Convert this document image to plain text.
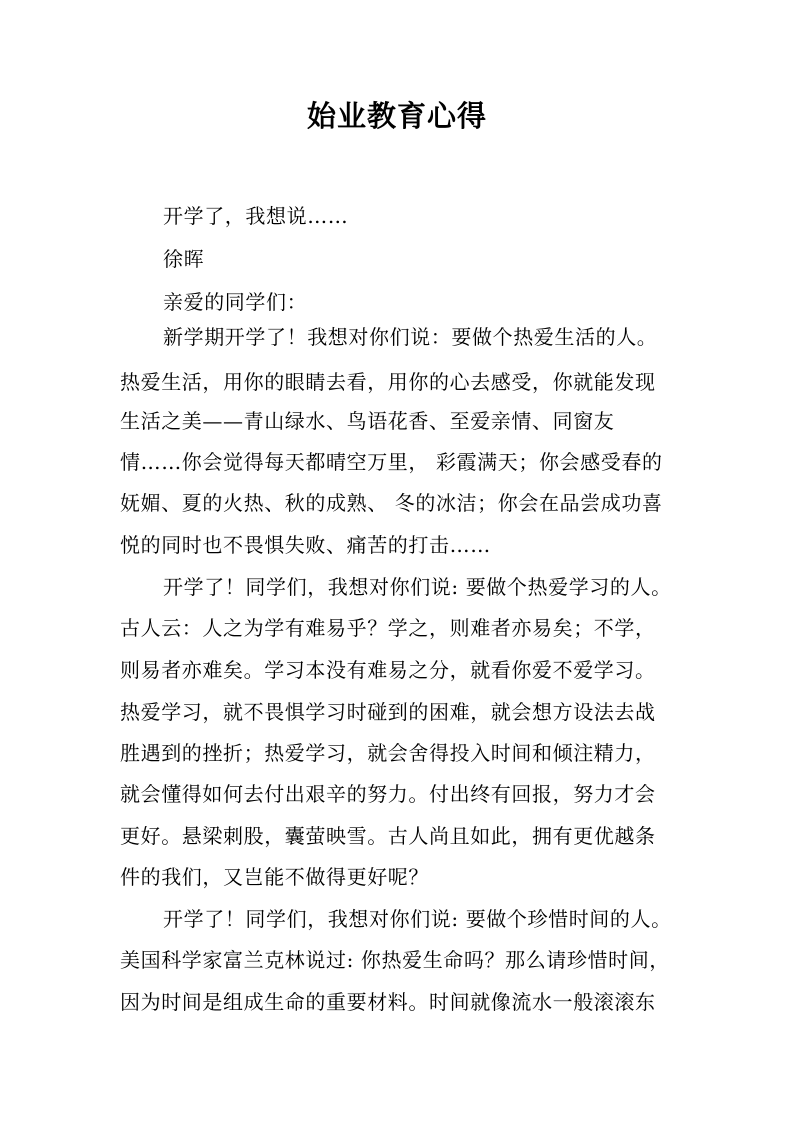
始业教育心得
开学了，我想说……
徐晖
亲爱的同学们：
新学期开学了！我想对你们说：要做个热爱生活的人。
热爱生活，用你的眼睛去看，用你的心去感受，你就能发现
生活之美——青山绿水、鸟语花香、至爱亲情、同窗友
情……你会觉得每天都晴空万里， 彩霞满天；你会感受春的
妩媚、夏的火热、秋的成熟、 冬的冰洁；你会在品尝成功喜
悦的同时也不畏惧失败、痛苦的打击……
开学了！同学们，我想对你们说: 要做个热爱学习的人。
古人云：人之为学有难易乎？学之，则难者亦易矣；不学，
则易者亦难矣。学习本没有难易之分，就看你爱不爱学习。
热爱学习，就不畏惧学习时碰到的困难，就会想方设法去战
胜遇到的挫折；热爱学习，就会舍得投入时间和倾注精力，
就会懂得如何去付出艰辛的努力。付出终有回报，努力才会
更好。悬梁刺股，囊萤映雪。古人尚且如此，拥有更优越条
件的我们，又岂能不做得更好呢？
开学了！同学们，我想对你们说: 要做个珍惜时间的人。
美国科学家富兰克林说过: 你热爱生命吗？那么请珍惜时间，
因为时间是组成生命的重要材料。时间就像流水一般滚滚东
